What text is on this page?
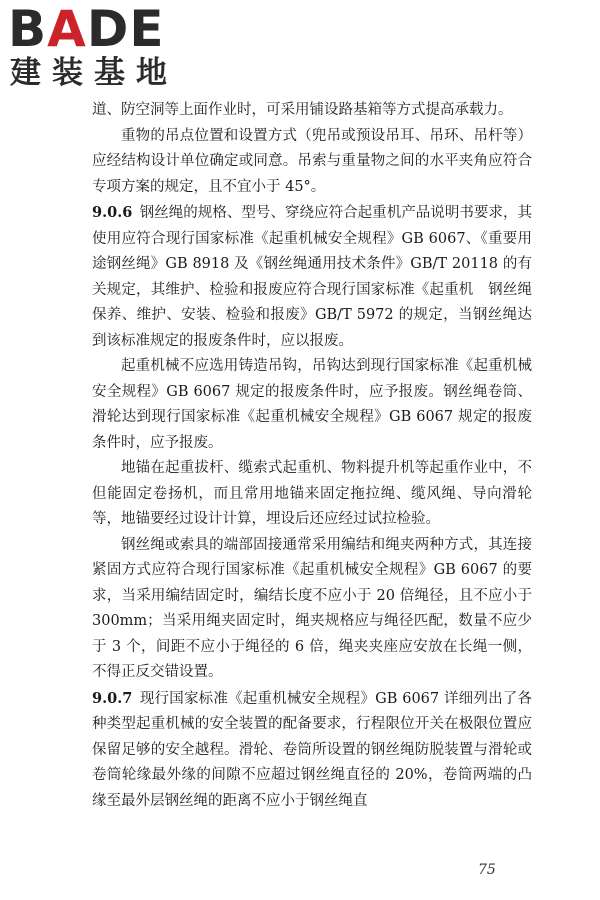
BADE
建装基地

道、防空洞等上面作业时，可采用铺设路基箱等方式提高承载力。

重物的吊点位置和设置方式（兜吊或预设吊耳、吊环、吊杆等）应经结构设计单位确定或同意。吊索与重量物之间的水平夹角应符合专项方案的规定，且不宜小于 45°。

9.0.6 钢丝绳的规格、型号、穿绕应符合起重机产品说明书要求，其使用应符合现行国家标准《起重机械安全规程》GB 6067、《重要用途钢丝绳》GB 8918 及《钢丝绳通用技术条件》GB/T 20118 的有关规定，其维护、检验和报废应符合现行国家标准《起重机　钢丝绳　保养、维护、安装、检验和报废》GB/T 5972 的规定，当钢丝绳达到该标准规定的报废条件时，应以报废。

起重机械不应选用铸造吊钩，吊钩达到现行国家标准《起重机械安全规程》GB 6067 规定的报废条件时，应予报废。钢丝绳卷筒、滑轮达到现行国家标准《起重机械安全规程》GB 6067 规定的报废条件时，应予报废。

地锚在起重拔杆、缆索式起重机、物料提升机等起重作业中，不但能固定卷扬机，而且常用地锚来固定拖拉绳、缆风绳、导向滑轮等，地锚要经过设计计算，埋设后还应经过试拉检验。

钢丝绳或索具的端部固接通常采用编结和绳夹两种方式，其连接紧固方式应符合现行国家标准《起重机械安全规程》GB 6067 的要求，当采用编结固定时，编结长度不应小于 20 倍绳径，且不应小于 300mm；当采用绳夹固定时，绳夹规格应与绳径匹配，数量不应少于 3 个，间距不应小于绳径的 6 倍，绳夹夹座应安放在长绳一侧，不得正反交错设置。

9.0.7 现行国家标准《起重机械安全规程》GB 6067 详细列出了各种类型起重机械的安全装置的配备要求，行程限位开关在极限位置应保留足够的安全越程。滑轮、卷筒所设置的钢丝绳防脱装置与滑轮或卷筒轮缘最外缘的间隙不应超过钢丝绳直径的 20%，卷筒两端的凸缘至最外层钢丝绳的距离不应小于钢丝绳直

75
